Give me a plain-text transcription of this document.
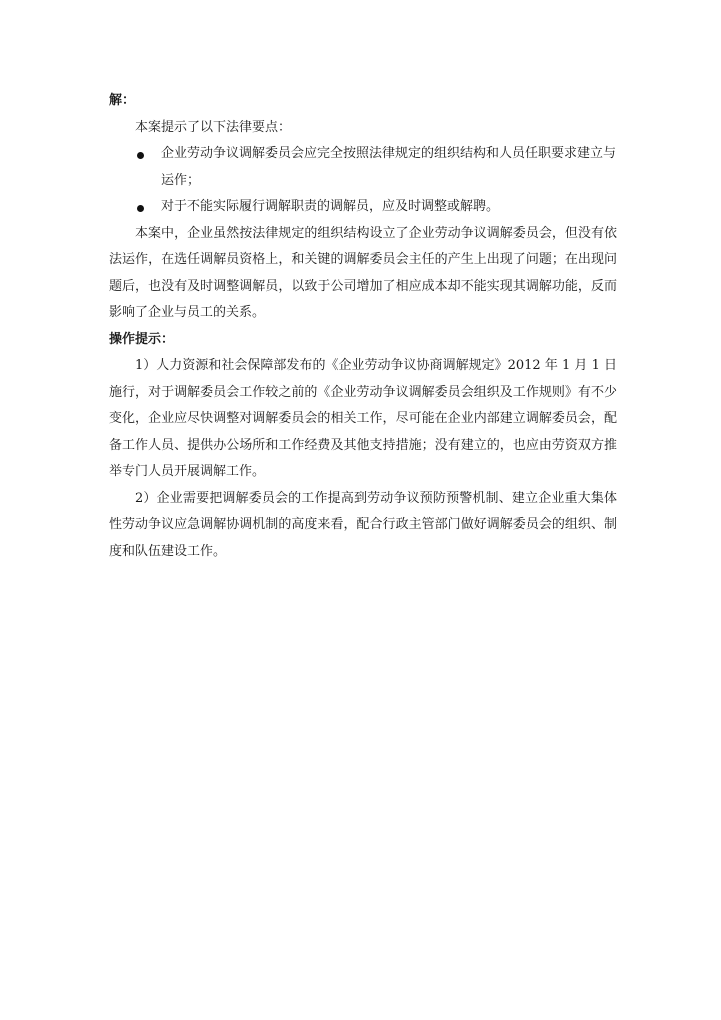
解：

本案提示了以下法律要点：

企业劳动争议调解委员会应完全按照法律规定的组织结构和人员任职要求建立与运作；

对于不能实际履行调解职责的调解员，应及时调整或解聘。

本案中，企业虽然按法律规定的组织结构设立了企业劳动争议调解委员会，但没有依法运作，在选任调解员资格上，和关键的调解委员会主任的产生上出现了问题；在出现问题后，也没有及时调整调解员，以致于公司增加了相应成本却不能实现其调解功能，反而影响了企业与员工的关系。

操作提示：

1）人力资源和社会保障部发布的《企业劳动争议协商调解规定》2012 年 1 月 1 日施行，对于调解委员会工作较之前的《企业劳动争议调解委员会组织及工作规则》有不少变化，企业应尽快调整对调解委员会的相关工作，尽可能在企业内部建立调解委员会，配备工作人员、提供办公场所和工作经费及其他支持措施；没有建立的，也应由劳资双方推举专门人员开展调解工作。

2）企业需要把调解委员会的工作提高到劳动争议预防预警机制、建立企业重大集体性劳动争议应急调解协调机制的高度来看，配合行政主管部门做好调解委员会的组织、制度和队伍建设工作。
